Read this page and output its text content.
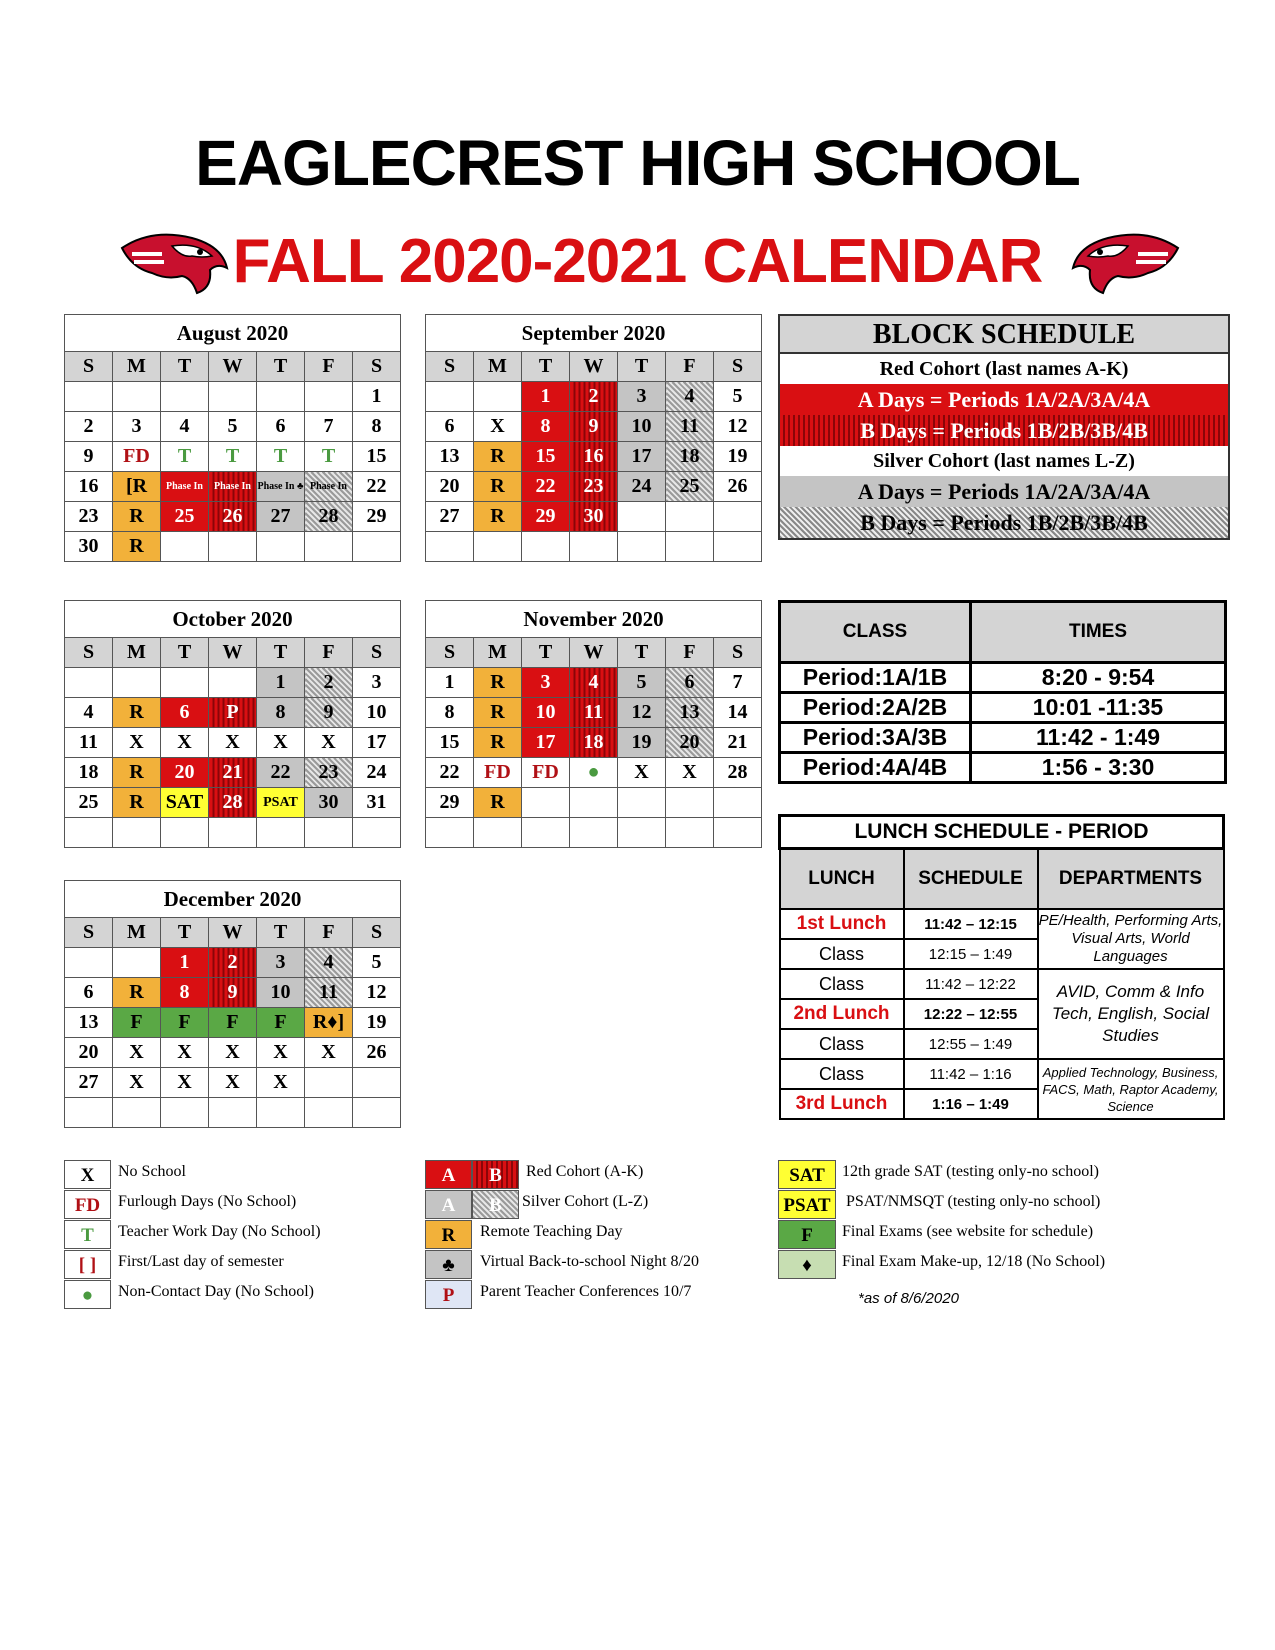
EAGLECREST HIGH SCHOOL
FALL 2020-2021 CALENDAR
August 2020						
S	M	T	W	T	F	S
						1
2	3	4	5	6	7	8
9	FD	T	T	T	T	15
16	[R	Phase In	Phase In	Phase In ♣	Phase In	22
23	R	25	26	27	28	29
30	R					
September 2020						
S	M	T	W	T	F	S
		1	2	3	4	5
6	X	8	9	10	11	12
13	R	15	16	17	18	19
20	R	22	23	24	25	26
27	R	29	30			

October 2020						
S	M	T	W	T	F	S
				1	2	3
4	R	6	P	8	9	10
11	X	X	X	X	X	17
18	R	20	21	22	23	24
25	R	SAT	28	PSAT	30	31

November 2020						
S	M	T	W	T	F	S
1	R	3	4	5	6	7
8	R	10	11	12	13	14
15	R	17	18	19	20	21
22	FD	FD	●	X	X	28
29	R					

December 2020						
S	M	T	W	T	F	S
		1	2	3	4	5
6	R	8	9	10	11	12
13	F	F	F	F	R♦]	19
20	X	X	X	X	X	26
27	X	X	X	X		

BLOCK SCHEDULE
Red Cohort (last names A-K)
A Days = Periods 1A/2A/3A/4A
B Days = Periods 1B/2B/3B/4B
Silver Cohort (last names L-Z)
A Days = Periods 1A/2A/3A/4A
B Days = Periods 1B/2B/3B/4B
CLASS	TIMES
Period:1A/1B	8:20 - 9:54
Period:2A/2B	10:01 -11:35
Period:3A/3B	11:42 - 1:49
Period:4A/4B	1:56 - 3:30
LUNCH SCHEDULE - PERIOD		
LUNCH	SCHEDULE	DEPARTMENTS
1st Lunch	11:42 – 12:15	PE/Health, Performing Arts, Visual Arts, World Languages
Class	12:15 – 1:49	
Class	11:42 – 12:22	AVID, Comm & Info Tech, English, Social Studies
2nd Lunch	12:22 – 12:55	
Class	12:55 – 1:49	
Class	11:42 – 1:16	Applied Technology, Business, FACS, Math, Raptor Academy, Science
3rd Lunch	1:16 – 1:49	
X	No School
FD	Furlough Days (No School)
T	Teacher Work Day (No School)
[ ]	First/Last day of semester
●	Non-Contact Day (No School)
A	B	Red Cohort (A-K)
A	B	Silver Cohort (L-Z)
R	Remote Teaching Day
♣	Virtual Back-to-school Night 8/20
P	Parent Teacher Conferences 10/7
SAT	12th grade SAT (testing only-no school)
PSAT PSAT/NMSQT (testing only-no school)
F	Final Exams (see website for schedule)
♦	Final Exam Make-up, 12/18 (No School)
*as of 8/6/2020
